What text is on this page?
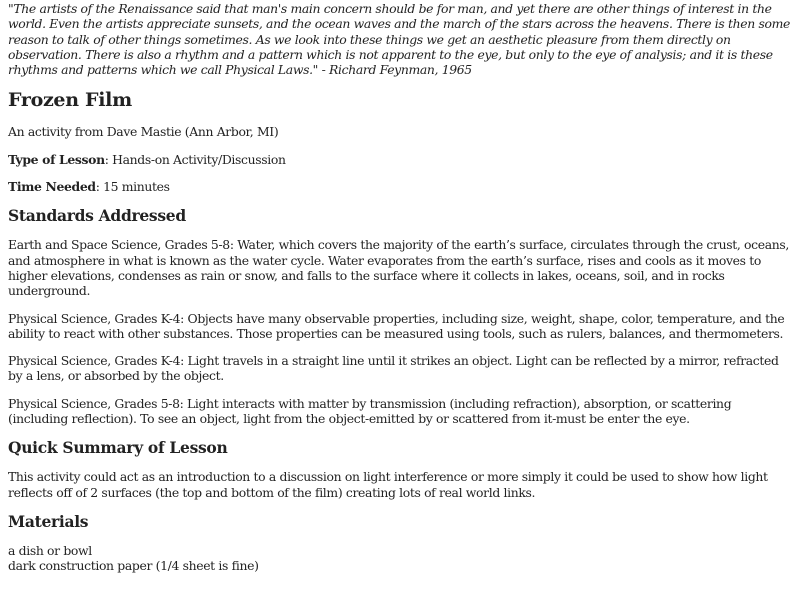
"The artists of the Renaissance said that man's main concern should be for man, and yet there are other things of interest in the world. Even the artists appreciate sunsets, and the ocean waves and the march of the stars across the heavens. There is then some reason to talk of other things sometimes. As we look into these things we get an aesthetic pleasure from them directly on observation. There is also a rhythm and a pattern which is not apparent to the eye, but only to the eye of analysis; and it is these rhythms and patterns which we call Physical Laws." - Richard Feynman, 1965

Frozen Film

An activity from Dave Mastie (Ann Arbor, MI)

Type of Lesson: Hands-on Activity/Discussion

Time Needed: 15 minutes

Standards Addressed

Earth and Space Science, Grades 5-8: Water, which covers the majority of the earth’s surface, circulates through the crust, oceans, and atmosphere in what is known as the water cycle. Water evaporates from the earth’s surface, rises and cools as it moves to higher elevations, condenses as rain or snow, and falls to the surface where it collects in lakes, oceans, soil, and in rocks underground.

Physical Science, Grades K-4: Objects have many observable properties, including size, weight, shape, color, temperature, and the ability to react with other substances. Those properties can be measured using tools, such as rulers, balances, and thermometers.

Physical Science, Grades K-4: Light travels in a straight line until it strikes an object. Light can be reflected by a mirror, refracted by a lens, or absorbed by the object.

Physical Science, Grades 5-8: Light interacts with matter by transmission (including refraction), absorption, or scattering (including reflection). To see an object, light from the object-emitted by or scattered from it-must be enter the eye.

Quick Summary of Lesson

This activity could act as an introduction to a discussion on light interference or more simply it could be used to show how light reflects off of 2 surfaces (the top and bottom of the film) creating lots of real world links.

Materials
a dish or bowl
dark construction paper (1/4 sheet is fine)
